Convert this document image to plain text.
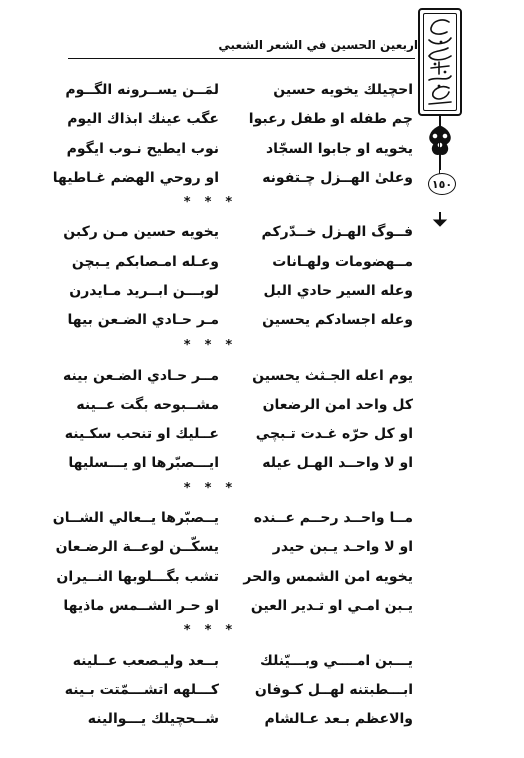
اربعين الحسين في الشعر الشعبي
١٥٠
احچيلك يخويه حسين
لمَــن يســرونه الگــوم
چم طفله او طفل رعبوا
عگب عينك ابذاك اليوم
يخويه او جابوا السجّاد
نوب ايطيح نـوب ايگوم
وعلىٰ الهــزل چـتفونه
او روحي الهضم غـاطيها
***
فــوگ الهـزل خــدّرکم
يخويه حسين مـن رکبن
مــهضومات ولهـانات
وعـله امـصابكم يـبچن
وعله السير حادي البل
لوبـــن ابــريد مـايدرن
وعله اجسادكم يحسين
مـر حـادي الضـعن بيها
***
يوم اعله الجـثث يحسين
مــر حـادي الضـعن بينه
کل واحد امن الرضعان
مشــبوحه بگت عــينه
او کل حرّه غـدت تـبچي
عــليك او تنحب سكـينه
او لا واحــد الهـل عيله
ايـــصبّرها او يـــسليها
***
مــا واحــد رحــم عــنده
يــصبّرها يــعالي الشــان
او لا واحـد يـبن حيدر
يسكّــن لوعــة الرضـعان
يخويه امن الشمس والحر
تشب بگـــلوبها النــيران
يـبن امـي او تـدير العين
او حـر الشــمس ماذيها
***
يـــبن امــــي وبـــيّنلك
بــعد وليـصعب عــلينه
ابـــطبتنه لهــل كـوفان
کـــلهه اتشـــمّتت بـينه
والاعظم بـعد عـالشام
شــحچيلك يـــوالينه
